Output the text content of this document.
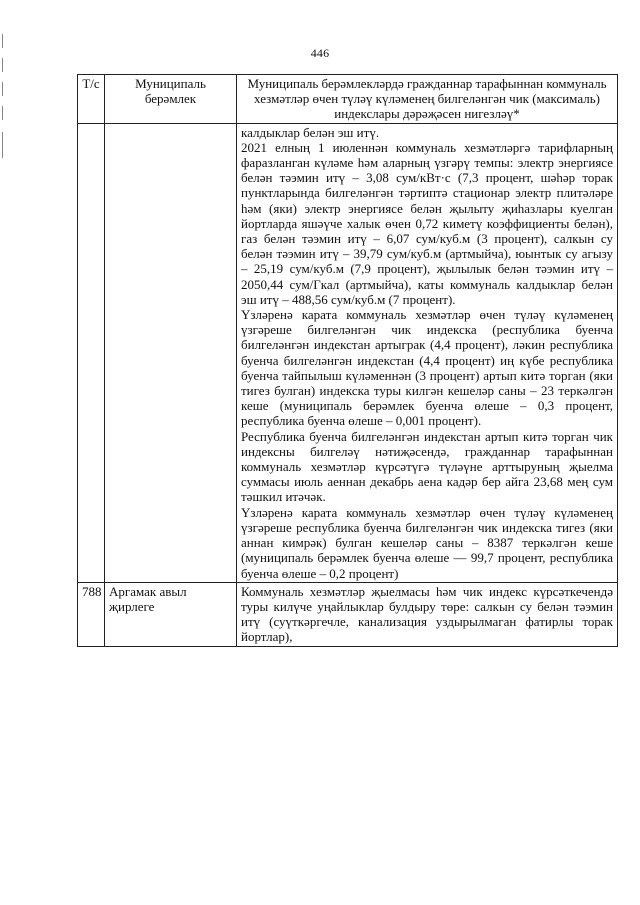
446
Т/с	Муниципаль берәмлек	Муниципаль берәмлекләрдә гражданнар тарафыннан коммуналь хезмәтләр өчен түләү күләменең билгеләнгән чик (максималь) индекслары дәрәҗәсен нигезләү*

		калдыклар белән эш итү.

2021 елның 1 июленнән коммуналь хезмәтләргә тарифларның фаразланган күләме һәм аларның үзгәрү темпы: электр энергиясе белән тәэмин итү – 3,08 сум/кВт·с (7,3 процент, шәһәр торак пунктларында билгеләнгән тәртиптә стационар электр плитәләре һәм (яки) электр энергиясе белән җылыту җиһазлары куелган йортларда яшәүче халык өчен 0,72 киметү коэффициенты белән), газ белән тәэмин итү – 6,07 сум/куб.м (3 процент), салкын су белән тәэмин итү – 39,79 сум/куб.м (артмыйча), юынтык су агызу – 25,19 сум/куб.м (7,9 процент), җылылык белән тәэмин итү – 2050,44 сум/Гкал (артмыйча), каты коммуналь калдыклар белән эш итү – 488,56 сум/куб.м (7 процент).

Үзләренә карата коммуналь хезмәтләр өчен түләү күләменең үзгәреше билгеләнгән чик индекска (республика буенча билгеләнгән индекстан артыграк (4,4 процент), ләкин республика буенча билгеләнгән индекстан (4,4 процент) иң күбе республика буенча тайпылыш күләменнән (3 процент) артып китә торган (яки тигез булган) индекска туры килгән кешеләр саны – 23 теркәлгән кеше (муниципаль берәмлек буенча өлеше – 0,3 процент, республика буенча өлеше – 0,001 процент).

Республика буенча билгеләнгән индекстан артып китә торган чик индексны билгеләү нәтиҗәсендә, гражданнар тарафыннан коммуналь хезмәтләр күрсәтүгә түләүне арттыруның җыелма суммасы июль аеннан декабрь аена кадәр бер айга 23,68 мең сум тәшкил итәчәк.

Үзләренә карата коммуналь хезмәтләр өчен түләү күләменең үзгәреше республика буенча билгеләнгән чик индекска тигез (яки аннан кимрәк) булган кешеләр саны – 8387 теркәлгән кеше (муниципаль берәмлек буенча өлеше — 99,7 процент, республика буенча өлеше – 0,2 процент)

788	Аргамак авыл җирлеге	Коммуналь хезмәтләр җыелмасы һәм чик индекс күрсәткечендә туры килүче уңайлыклар булдыру төре: салкын су белән тәэмин итү (суүткәргечле, канализация уздырылмаган фатирлы торак йортлар),
